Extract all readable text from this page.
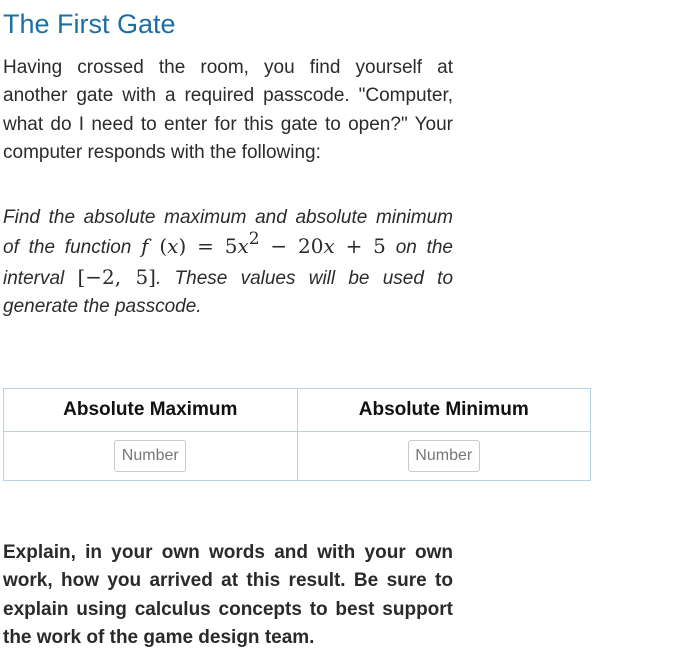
The First Gate

Having crossed the room, you find yourself at another gate with a required passcode. "Computer, what do I need to enter for this gate to open?" Your computer responds with the following:

Find the absolute maximum and absolute minimum of the function f $(x) = 5x^2 - 20x + 5$ on the interval [−2, 5]. These values will be used to generate the passcode.

Absolute Maximum	Absolute Minimum
Number	Number

Explain, in your own words and with your own work, how you arrived at this result. Be sure to explain using calculus concepts to best support the work of the game design team.
